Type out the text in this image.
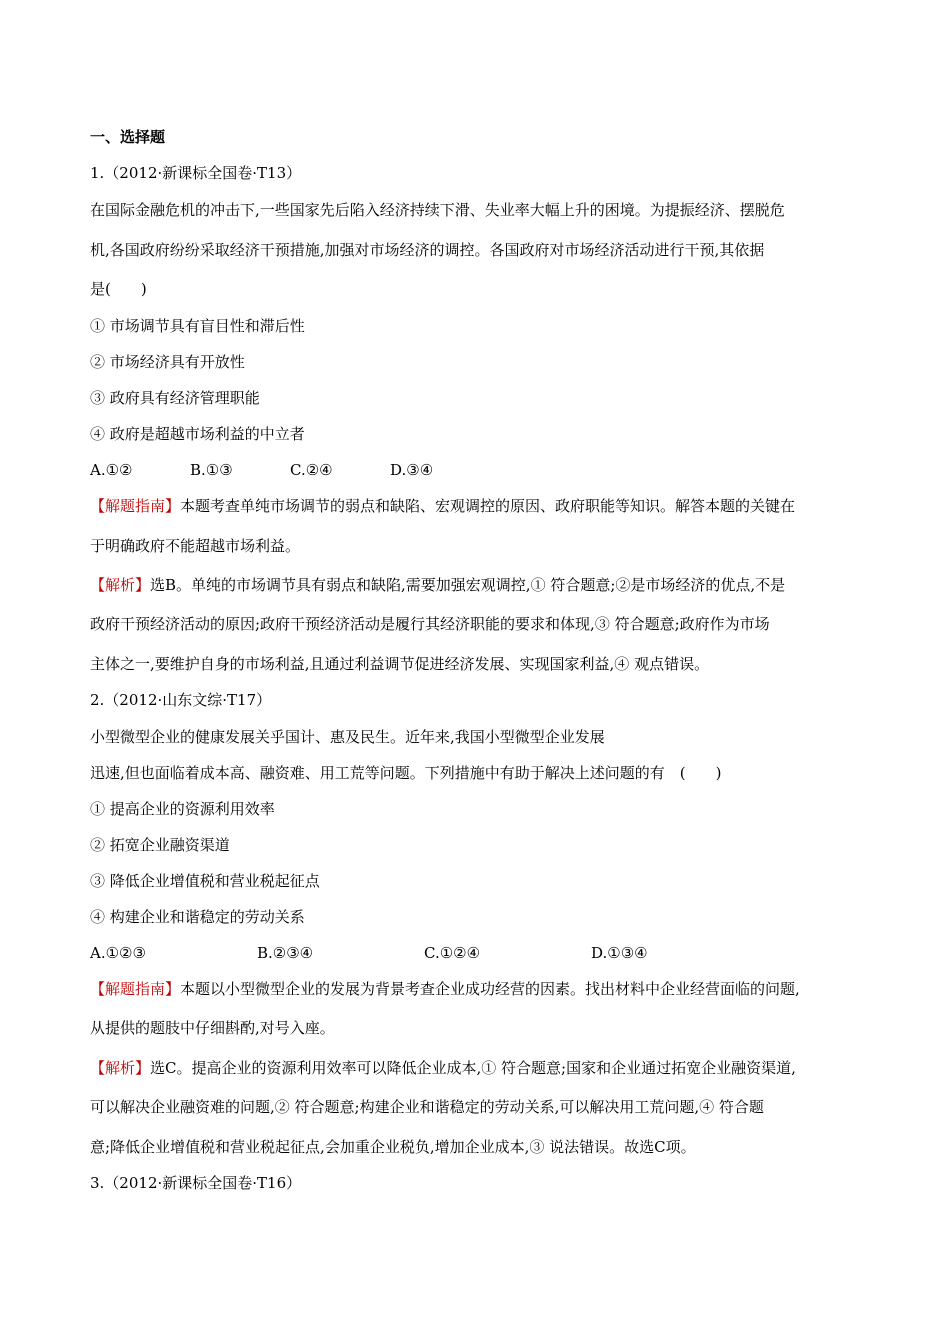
一、选择题
1.（2012·新课标全国卷·T13）
在国际金融危机的冲击下,一些国家先后陷入经济持续下滑、失业率大幅上升的困境。为提振经济、摆脱危
机,各国政府纷纷采取经济干预措施,加强对市场经济的调控。各国政府对市场经济活动进行干预,其依据
是(　　)
① 市场调节具有盲目性和滞后性
② 市场经济具有开放性
③ 政府具有经济管理职能
④ 政府是超越市场利益的中立者
A.①②	B.①③	C.②④	D.③④
【解题指南】本题考查单纯市场调节的弱点和缺陷、宏观调控的原因、政府职能等知识。解答本题的关键在
于明确政府不能超越市场利益。
【解析】选B。单纯的市场调节具有弱点和缺陷,需要加强宏观调控,① 符合题意;②是市场经济的优点,不是
政府干预经济活动的原因;政府干预经济活动是履行其经济职能的要求和体现,③ 符合题意;政府作为市场
主体之一,要维护自身的市场利益,且通过利益调节促进经济发展、实现国家利益,④ 观点错误。
2.（2012·山东文综·T17）
小型微型企业的健康发展关乎国计、惠及民生。近年来,我国小型微型企业发展
迅速,但也面临着成本高、融资难、用工荒等问题。下列措施中有助于解决上述问题的有　(　　)
① 提高企业的资源利用效率
② 拓宽企业融资渠道
③ 降低企业增值税和营业税起征点
④ 构建企业和谐稳定的劳动关系
A.①②③	B.②③④	C.①②④	D.①③④
【解题指南】本题以小型微型企业的发展为背景考查企业成功经营的因素。找出材料中企业经营面临的问题,
从提供的题肢中仔细斟酌,对号入座。
【解析】选C。提高企业的资源利用效率可以降低企业成本,① 符合题意;国家和企业通过拓宽企业融资渠道,
可以解决企业融资难的问题,② 符合题意;构建企业和谐稳定的劳动关系,可以解决用工荒问题,④ 符合题
意;降低企业增值税和营业税起征点,会加重企业税负,增加企业成本,③ 说法错误。故选C项。
3.（2012·新课标全国卷·T16）
